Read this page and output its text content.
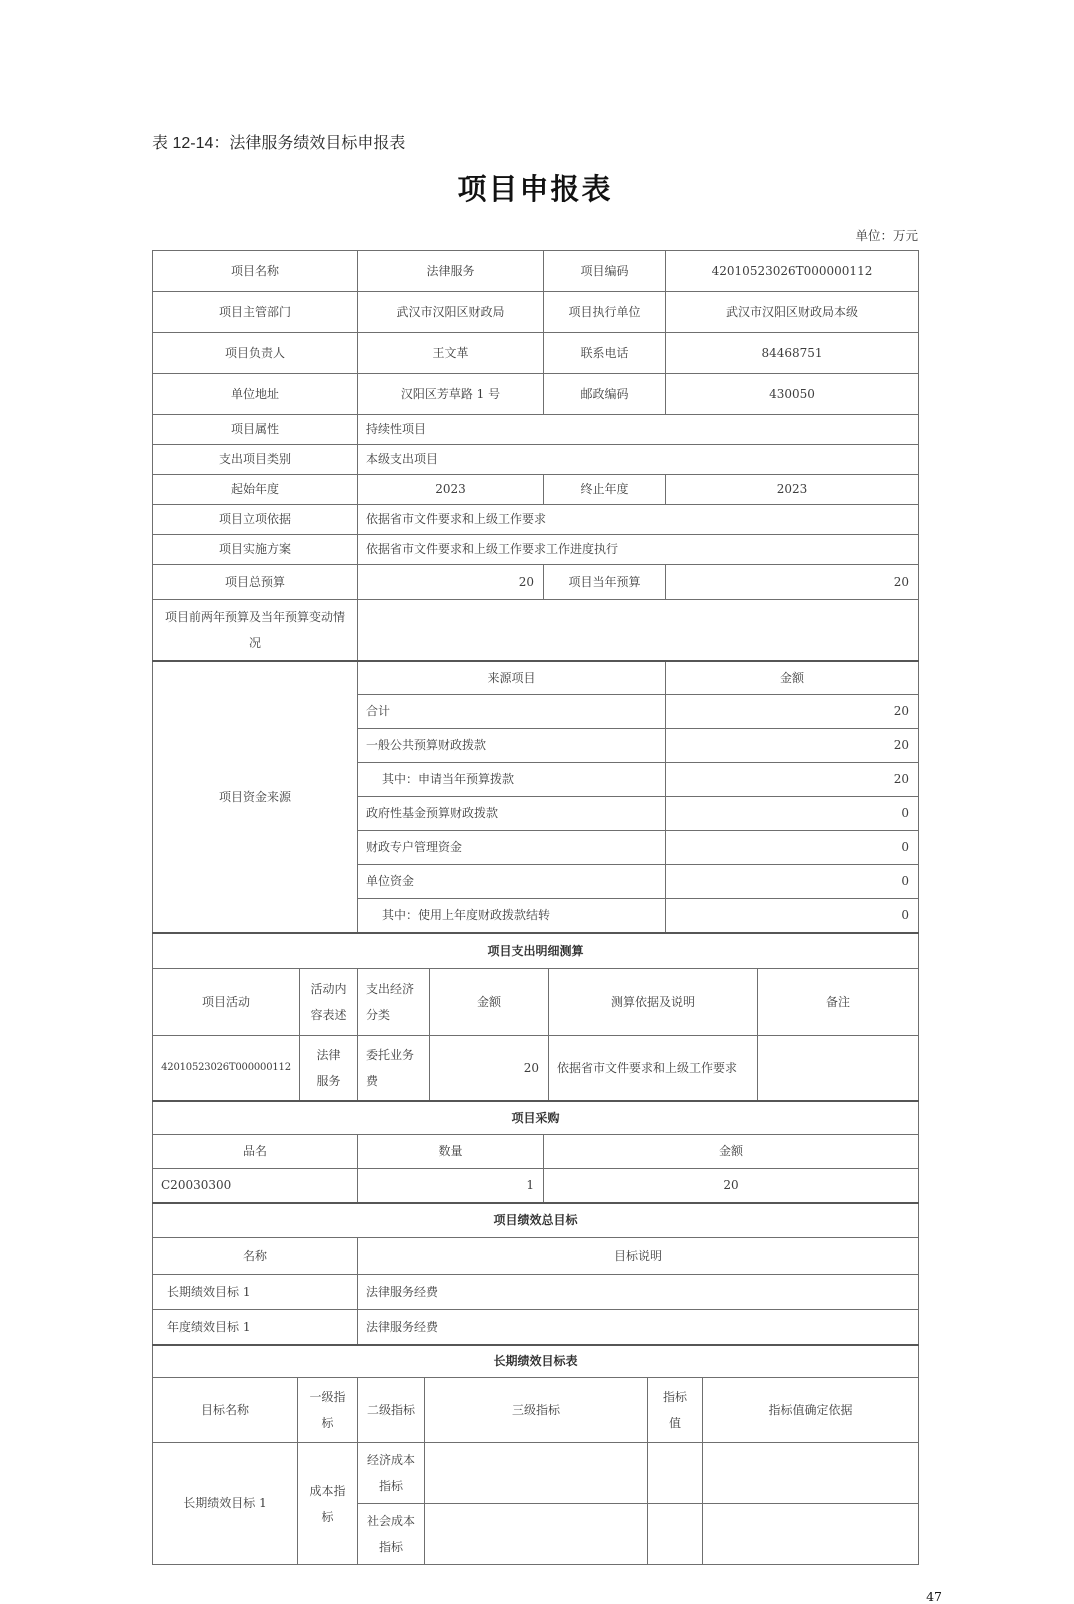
表 12-14：法律服务绩效目标申报表

项目申报表

单位：万元

项目名称	法律服务	项目编码	42010523026T000000112
项目主管部门	武汉市汉阳区财政局	项目执行单位	武汉市汉阳区财政局本级
项目负责人	王文革	联系电话	84468751
单位地址	汉阳区芳草路 1 号	邮政编码	430050
项目属性	持续性项目		
支出项目类别	本级支出项目		
起始年度	2023	终止年度	2023
项目立项依据	依据省市文件要求和上级工作要求		
项目实施方案	依据省市文件要求和上级工作要求工作进度执行		
项目总预算	20	项目当年预算	20
项目前两年预算及当年预算变动情况			
项目资金来源	来源项目	金额
	合计	20
	一般公共预算财政拨款	20
	其中：申请当年预算拨款	20
	政府性基金预算财政拨款	0
	财政专户管理资金	0
	单位资金	0
	其中：使用上年度财政拨款结转	0
项目支出明细测算					
项目活动	活动内容表述	支出经济分类	金额	测算依据及说明	备注
42010523026T000000112	法律服务	委托业务费	20	依据省市文件要求和上级工作要求	
项目采购		
品名	数量	金额
C20030300	1	20
项目绩效总目标	
名称	目标说明
长期绩效目标 1	法律服务经费
年度绩效目标 1	法律服务经费
长期绩效目标表					
目标名称	一级指标	二级指标	三级指标	指标值	指标值确定依据
长期绩效目标 1	成本指标	经济成本指标			
		社会成本指标			
47
